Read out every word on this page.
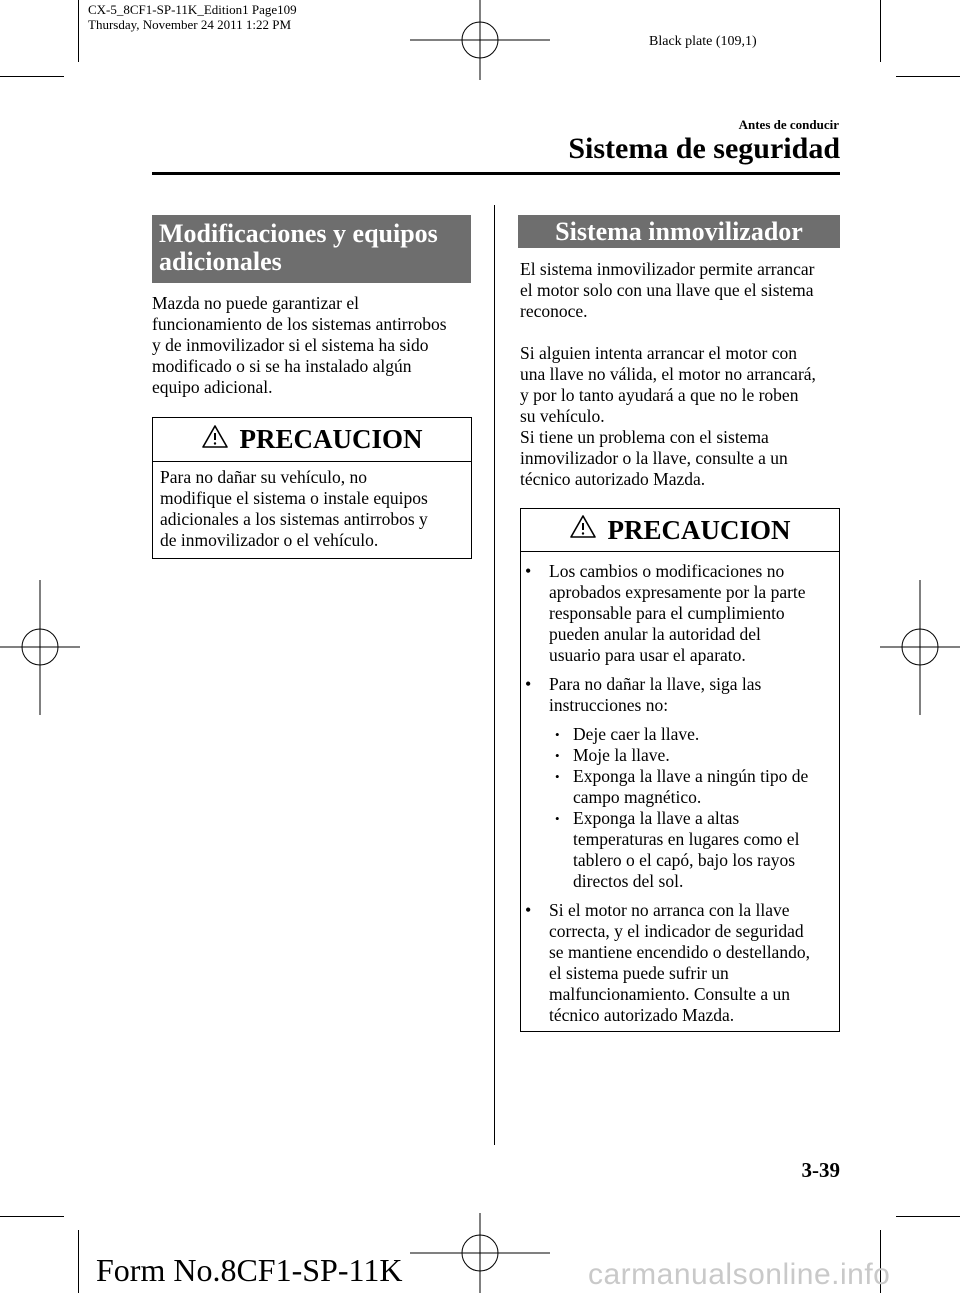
CX-5_8CF1-SP-11K_Edition1 Page109
Thursday, November 24 2011 1:22 PM
Black plate (109,1)
Antes de conducir
Sistema de seguridad
Modificaciones y equipos
adicionales
Mazda no puede garantizar el
funcionamiento de los sistemas antirrobos
y de inmovilizador si el sistema ha sido
modificado o si se ha instalado algún
equipo adicional.
PRECAUCION
Para no dañar su vehículo, no
modifique el sistema o instale equipos
adicionales a los sistemas antirrobos y
de inmovilizador o el vehículo.
Sistema inmovilizador
El sistema inmovilizador permite arrancar
el motor solo con una llave que el sistema
reconoce.
Si alguien intenta arrancar el motor con
una llave no válida, el motor no arrancará,
y por lo tanto ayudará a que no le roben
su vehículo.
Si tiene un problema con el sistema
inmovilizador o la llave, consulte a un
técnico autorizado Mazda.
PRECAUCION
• Los cambios o modificaciones no
aprobados expresamente por la parte
responsable para el cumplimiento
pueden anular la autoridad del
usuario para usar el aparato.
• Para no dañar la llave, siga las
instrucciones no:
• Deje caer la llave.
• Moje la llave.
• Exponga la llave a ningún tipo de
campo magnético.
• Exponga la llave a altas
temperaturas en lugares como el
tablero o el capó, bajo los rayos
directos del sol.
• Si el motor no arranca con la llave
correcta, y el indicador de seguridad
se mantiene encendido o destellando,
el sistema puede sufrir un
malfuncionamiento. Consulte a un
técnico autorizado Mazda.
3-39
Form No.8CF1-SP-11K	carmanualsonline.info
